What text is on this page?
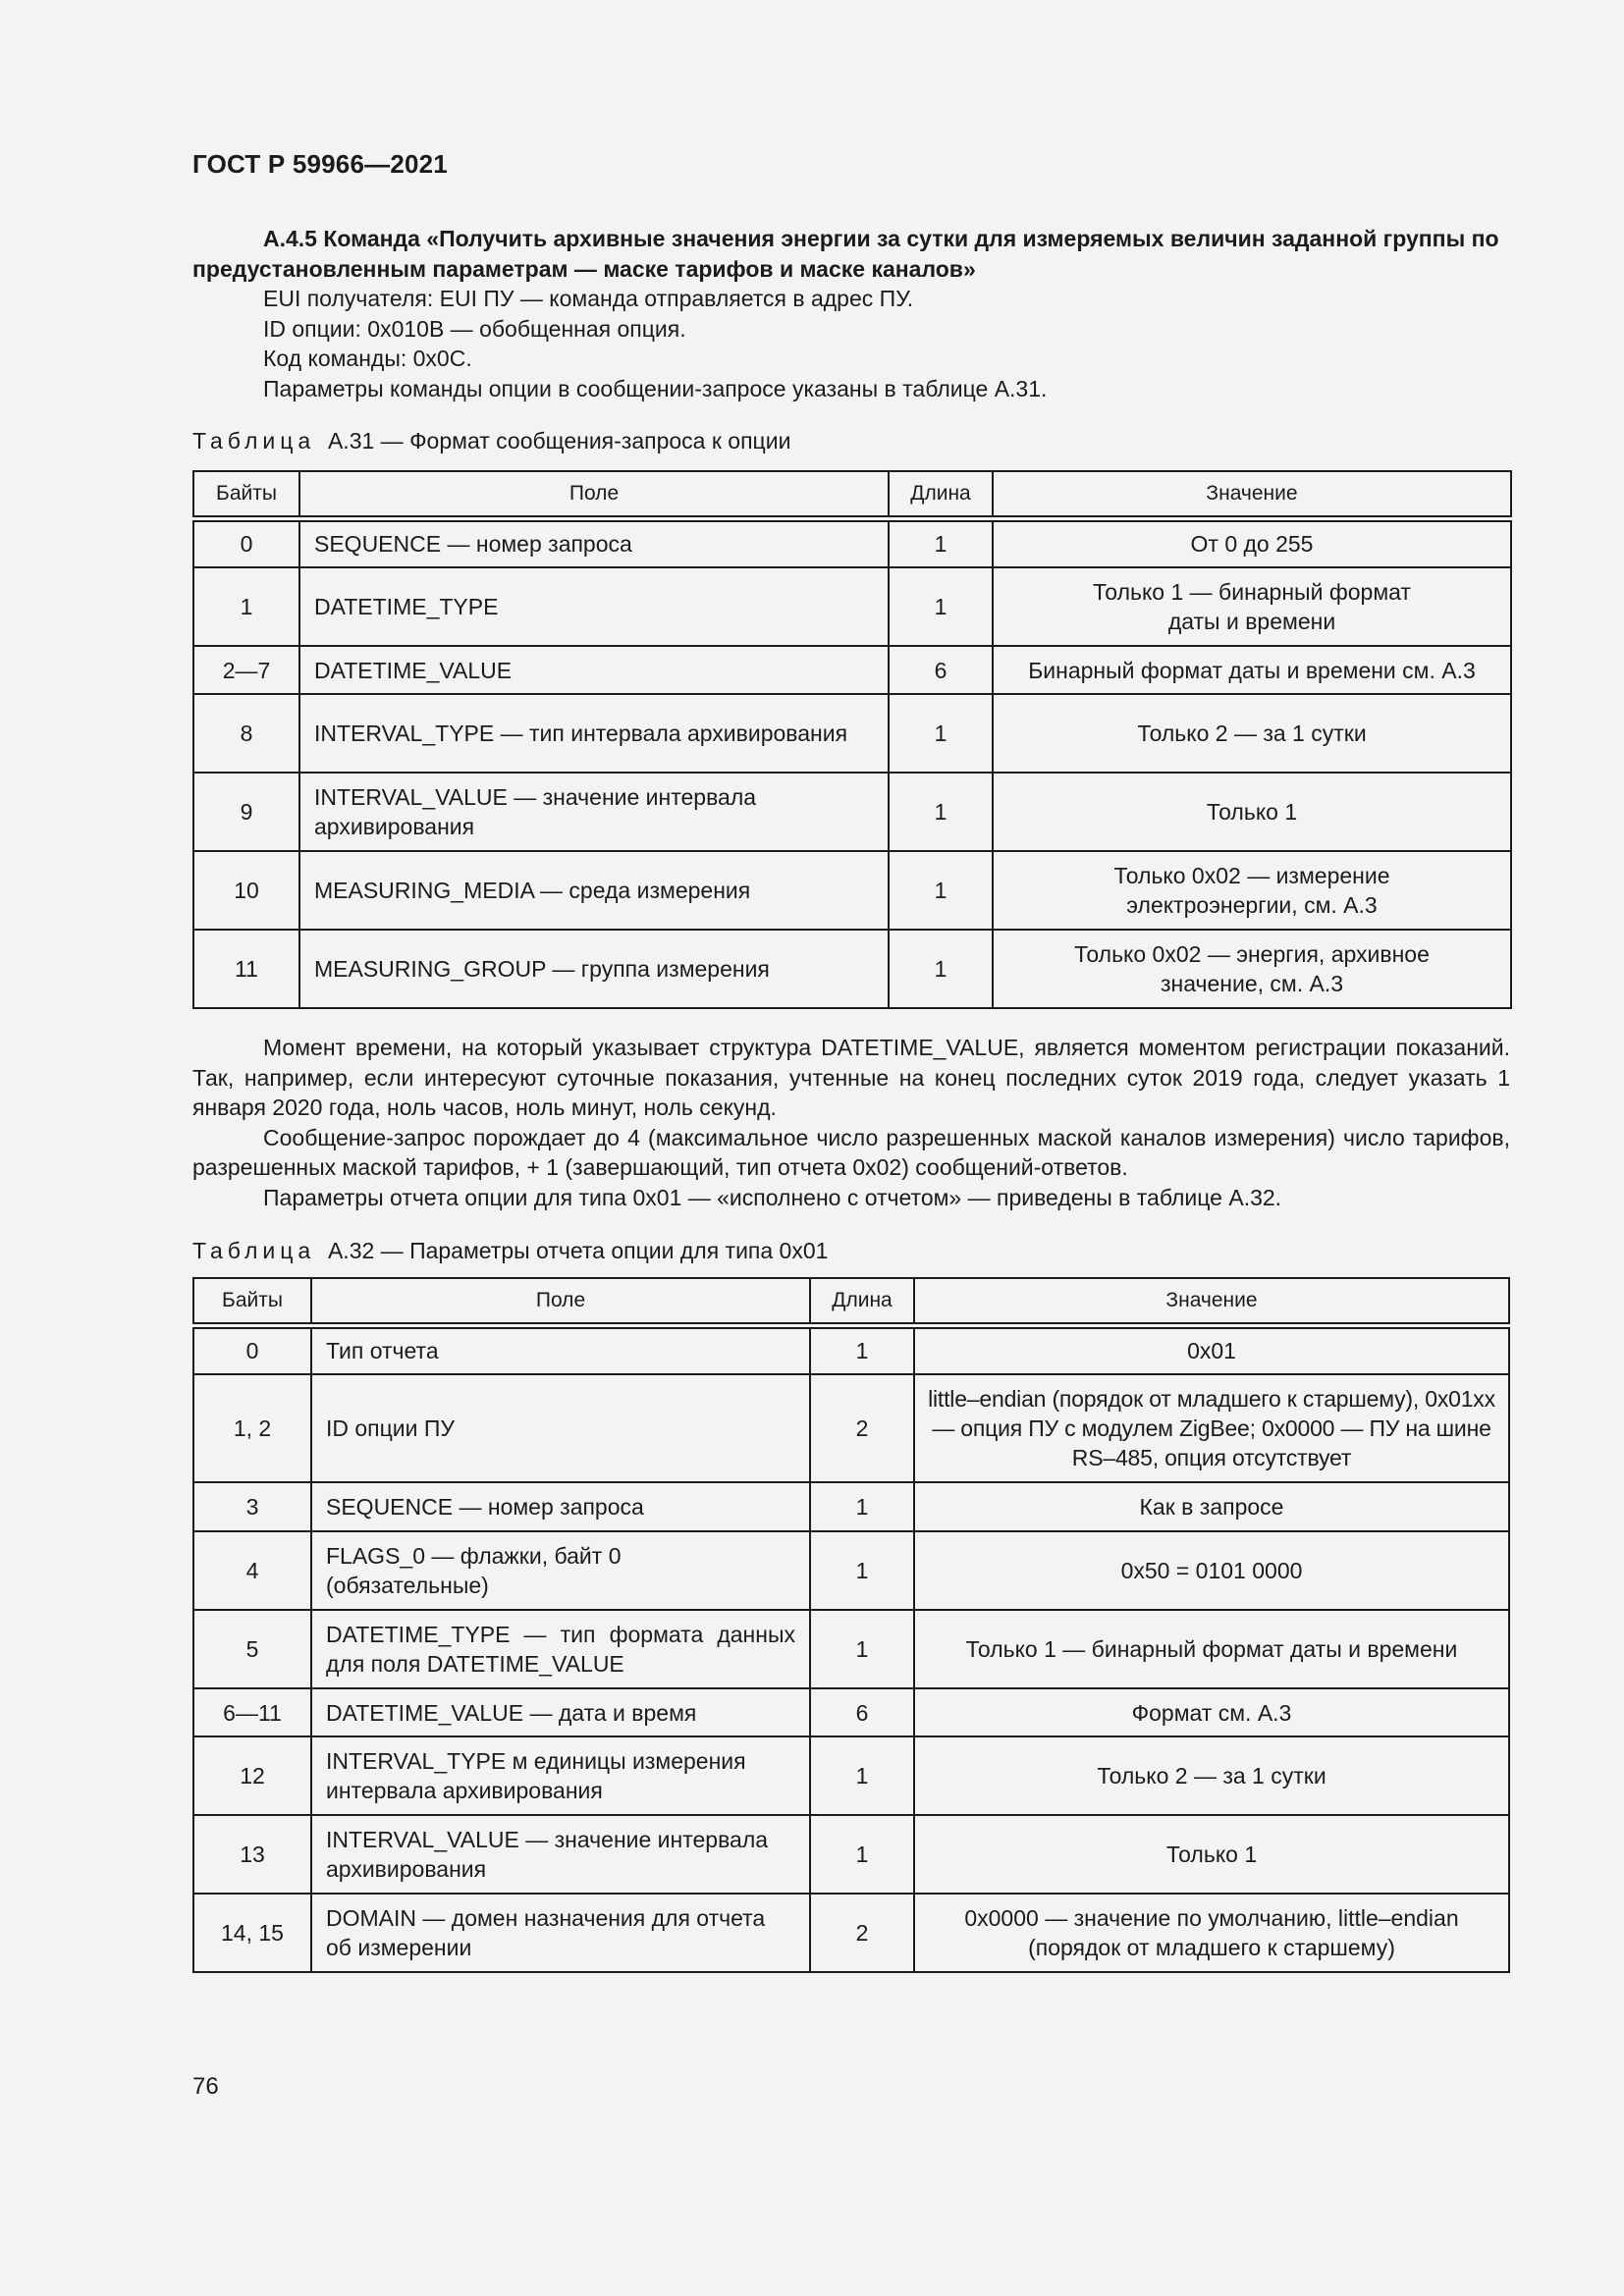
ГОСТ Р 59966—2021

А.4.5 Команда «Получить архивные значения энергии за сутки для измеряемых величин заданной группы по предустановленным параметрам — маске тарифов и маске каналов»

EUI получателя: EUI ПУ — команда отправляется в адрес ПУ.

ID опции: 0x010B — обобщенная опция.

Код команды: 0x0C.

Параметры команды опции в сообщении-запросе указаны в таблице А.31.

Таблица А.31 — Формат сообщения-запроса к опции
Байты	Поле	Длина	Значение
0	SEQUENCE — номер запроса	1	От 0 до 255
1	DATETIME_TYPE	1	Только 1 — бинарный формат даты и времени
2—7	DATETIME_VALUE	6	Бинарный формат даты и времени см. А.3
8	INTERVAL_TYPE — тип интервала архивирования	1	Только 2 — за 1 сутки
9	INTERVAL_VALUE — значение интервала архивирования	1	Только 1
10	MEASURING_MEDIA — среда измерения	1	Только 0x02 — измерение электроэнергии, см. А.3
11	MEASURING_GROUP — группа измерения	1	Только 0x02 — энергия, архивное значение, см. А.3

Момент времени, на который указывает структура DATETIME_VALUE, является моментом регистрации показаний. Так, например, если интересуют суточные показания, учтенные на конец последних суток 2019 года, следует указать 1 января 2020 года, ноль часов, ноль минут, ноль секунд.

Сообщение-запрос порождает до 4 (максимальное число разрешенных маской каналов измерения) число тарифов, разрешенных маской тарифов, + 1 (завершающий, тип отчета 0x02) сообщений-ответов.

Параметры отчета опции для типа 0x01 — «исполнено с отчетом» — приведены в таблице А.32.

Таблица А.32 — Параметры отчета опции для типа 0x01
Байты	Поле	Длина	Значение
0	Тип отчета	1	0x01
1, 2	ID опции ПУ	2	little–endian (порядок от младшего к старшему), 0x01xx — опция ПУ с модулем ZigBee; 0x0000 — ПУ на шине RS–485, опция отсутствует
3	SEQUENCE — номер запроса	1	Как в запросе
4	FLAGS_0 — флажки, байт 0 (обязательные)	1	0x50 = 0101 0000
5	DATETIME_TYPE — тип формата данных для поля DATETIME_VALUE	1	Только 1 — бинарный формат даты и времени
6—11	DATETIME_VALUE — дата и время	6	Формат см. А.3
12	INTERVAL_TYPE м единицы измерения интервала архивирования	1	Только 2 — за 1 сутки
13	INTERVAL_VALUE — значение интервала архивирования	1	Только 1
14, 15	DOMAIN — домен назначения для отчета об измерении	2	0x0000 — значение по умолчанию, little–endian (порядок от младшего к старшему)
76
